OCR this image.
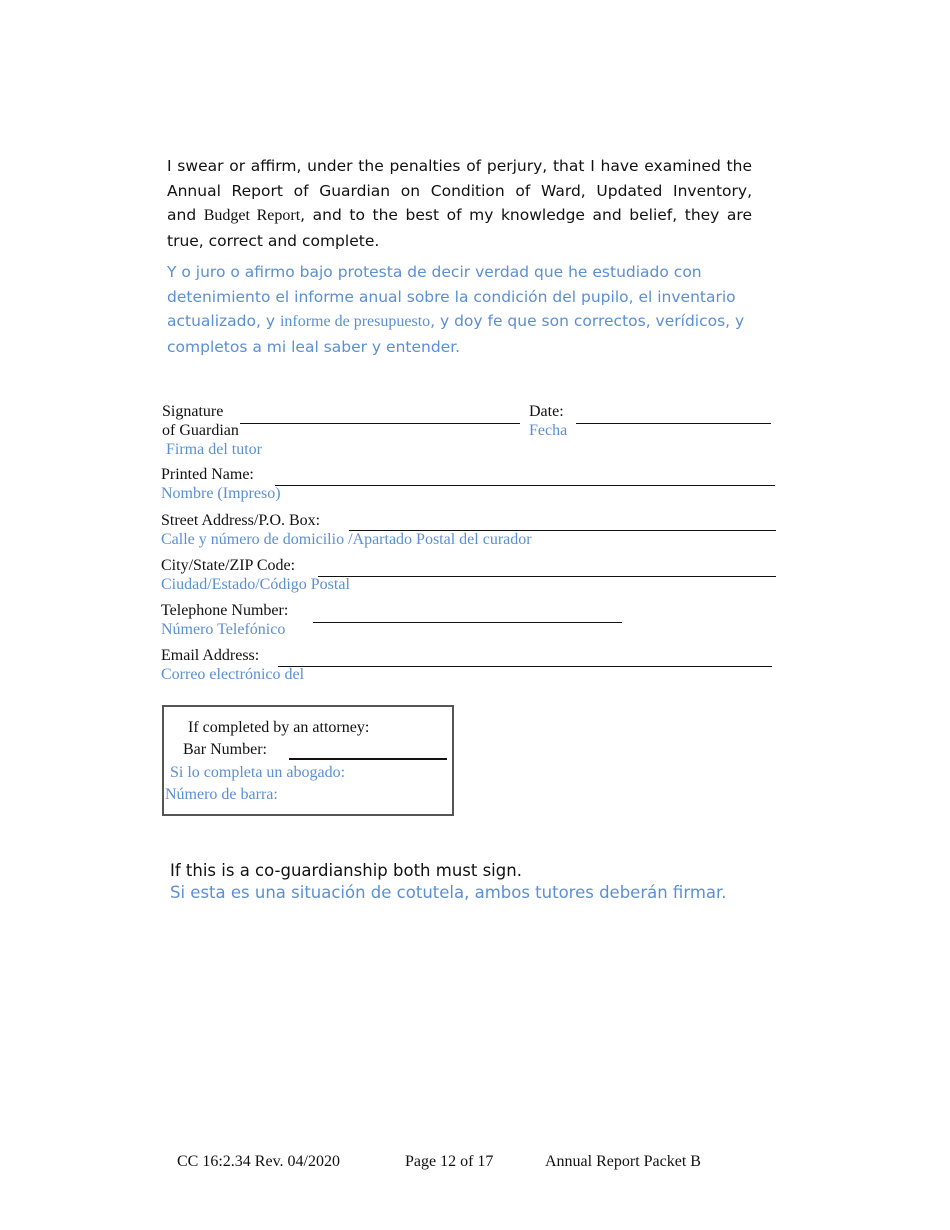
I swear or affirm, under the penalties of perjury, that I have examined the
Annual Report of Guardian on Condition of Ward, Updated Inventory,
and Budget Report, and to the best of my knowledge and belief, they are
true, correct and complete.
Y o juro o afirmo bajo protesta de decir verdad que he estudiado con
detenimiento el informe anual sobre la condición del pupilo, el inventario
actualizado, y informe de presupuesto, y doy fe que son correctos, verídicos, y
completos a mi leal saber y entender.
Signature
of Guardian
Firma del tutor
Date:
Fecha
Printed Name:
Nombre (Impreso)
Street Address/P.O. Box:
Calle y número de domicilio /Apartado Postal del curador
City/State/ZIP Code:
Ciudad/Estado/Código Postal
Telephone Number:
Número Telefónico
Email Address:
Correo electrónico del
If completed by an attorney:
Bar Number:
Si lo completa un abogado:
Número de barra:
If this is a co-guardianship both must sign.
Si esta es una situación de cotutela, ambos tutores deberán firmar.
CC 16:2.34 Rev. 04/2020	Page 12 of 17	Annual Report Packet B
